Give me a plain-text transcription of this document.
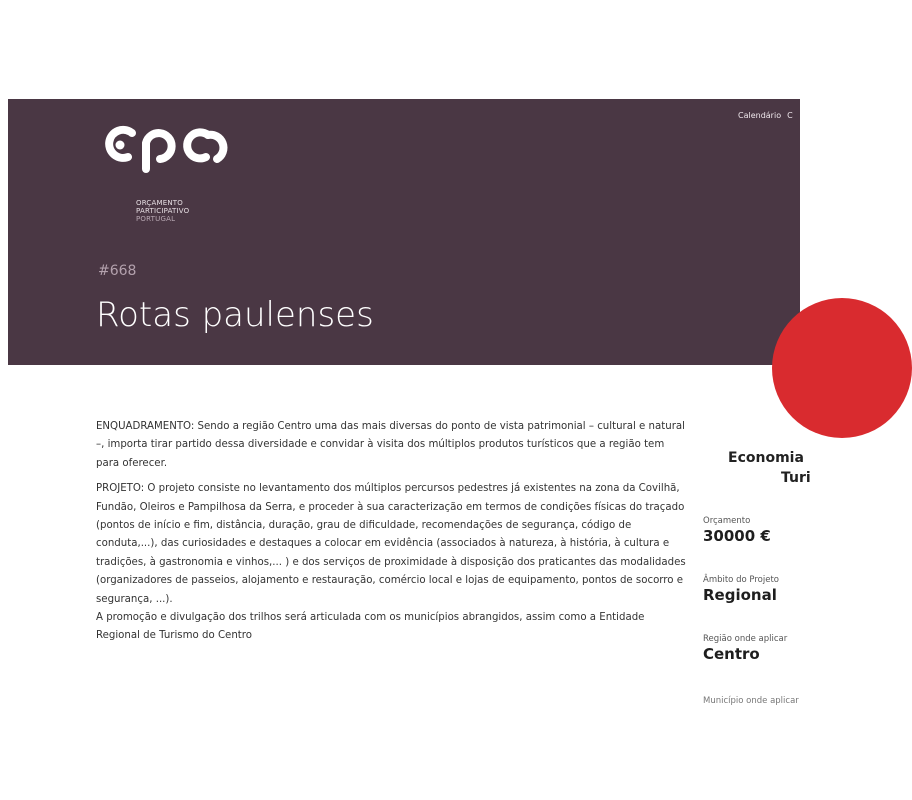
ORÇAMENTO
PARTICIPATIVO
PORTUGAL
Calendário C
#668
Rotas paulenses

ENQUADRAMENTO: Sendo a região Centro uma das mais diversas do ponto de vista patrimonial – cultural e natural –, importa tirar partido dessa diversidade e convidar à visita dos múltiplos produtos turísticos que a região tem para oferecer.

PROJETO: O projeto consiste no levantamento dos múltiplos percursos pedestres já existentes na zona da Covilhã, Fundão, Oleiros e Pampilhosa da Serra, e proceder à sua caracterização em termos de condições físicas do traçado (pontos de início e fim, distância, duração, grau de dificuldade, recomendações de segurança, código de conduta,...), das curiosidades e destaques a colocar em evidência (associados à natureza, à história, à cultura e tradições, à gastronomia e vinhos,... ) e dos serviços de proximidade à disposição dos praticantes das modalidades (organizadores de passeios, alojamento e restauração, comércio local e lojas de equipamento, pontos de socorro e segurança, ...).

A promoção e divulgação dos trilhos será articulada com os municípios abrangidos, assim como a Entidade Regional de Turismo do Centro

Economia
Turi
Orçamento
30000 €
Âmbito do Projeto
Regional
Região onde aplicar
Centro
Município onde aplicar
